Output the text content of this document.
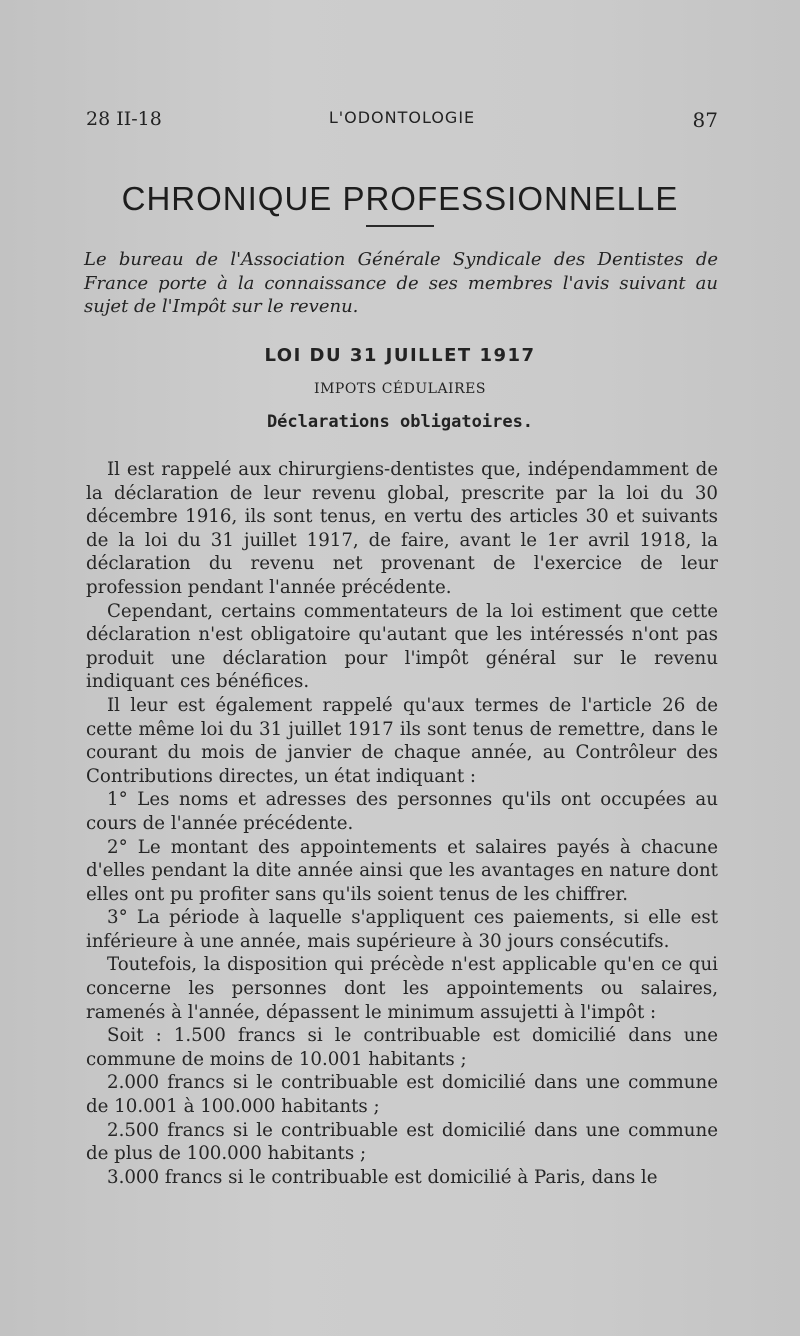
28 II-18	L'ODONTOLOGIE	87
CHRONIQUE PROFESSIONNELLE

Le bureau de l'Association Générale Syndicale des Dentistes de France porte à la connaissance de ses membres l'avis suivant au sujet de l'Impôt sur le revenu.

LOI DU 31 JUILLET 1917
IMPOTS CÉDULAIRES
Déclarations obligatoires.

Il est rappelé aux chirurgiens-dentistes que, indépendamment de la déclaration de leur revenu global, prescrite par la loi du 30 décembre 1916, ils sont tenus, en vertu des articles 30 et suivants de la loi du 31 juillet 1917, de faire, avant le 1er avril 1918, la déclaration du revenu net provenant de l'exercice de leur profession pendant l'année précédente.

Cependant, certains commentateurs de la loi estiment que cette déclaration n'est obligatoire qu'autant que les intéressés n'ont pas produit une déclaration pour l'impôt général sur le revenu indiquant ces bénéfices.

Il leur est également rappelé qu'aux termes de l'article 26 de cette même loi du 31 juillet 1917 ils sont tenus de remettre, dans le courant du mois de janvier de chaque année, au Contrôleur des Contributions directes, un état indiquant :

1° Les noms et adresses des personnes qu'ils ont occupées au cours de l'année précédente.

2° Le montant des appointements et salaires payés à chacune d'elles pendant la dite année ainsi que les avantages en nature dont elles ont pu profiter sans qu'ils soient tenus de les chiffrer.

3° La période à laquelle s'appliquent ces paiements, si elle est inférieure à une année, mais supérieure à 30 jours consécutifs.

Toutefois, la disposition qui précède n'est applicable qu'en ce qui concerne les personnes dont les appointements ou salaires, ramenés à l'année, dépassent le minimum assujetti à l'impôt :

Soit : 1.500 francs si le contribuable est domicilié dans une commune de moins de 10.001 habitants ;

2.000 francs si le contribuable est domicilié dans une commune de 10.001 à 100.000 habitants ;

2.500 francs si le contribuable est domicilié dans une commune de plus de 100.000 habitants ;

3.000 francs si le contribuable est domicilié à Paris, dans le
